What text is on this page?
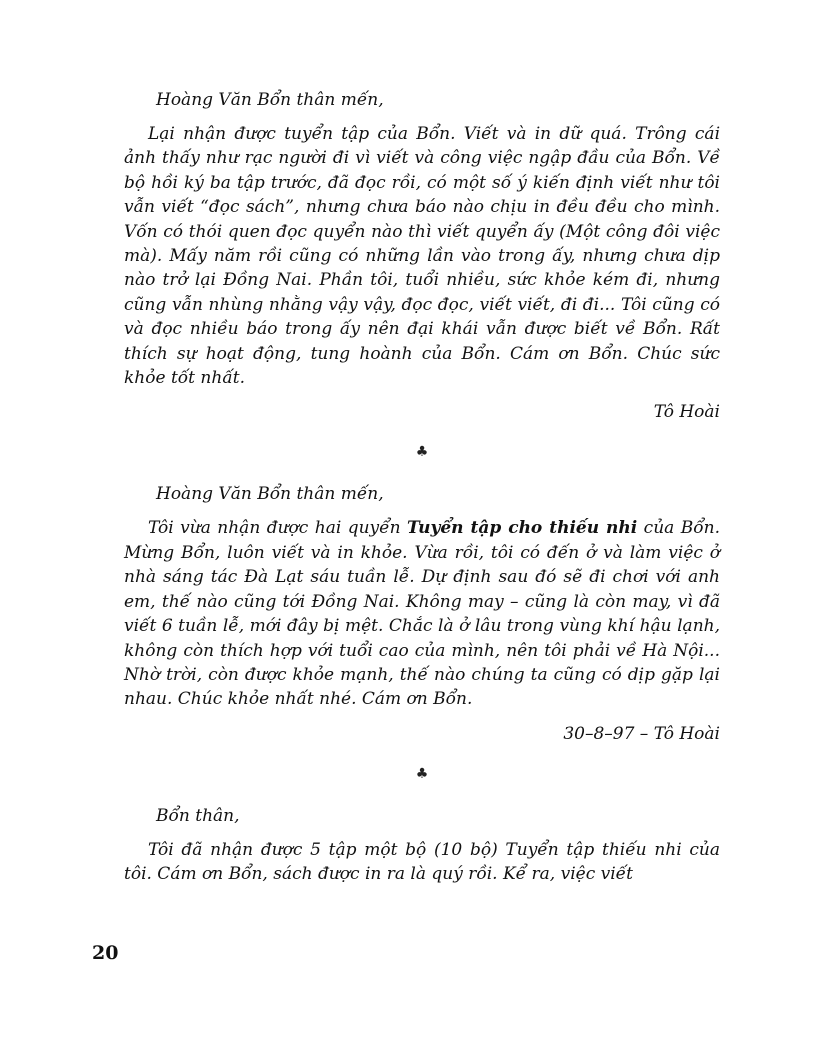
Hoàng Văn Bổn thân mến,

Lại nhận được tuyển tập của Bổn. Viết và in dữ quá. Trông cái ảnh thấy như rạc người đi vì viết và công việc ngập đầu của Bổn. Về bộ hồi ký ba tập trước, đã đọc rồi, có một số ý kiến định viết như tôi vẫn viết “đọc sách”, nhưng chưa báo nào chịu in đều đều cho mình. Vốn có thói quen đọc quyển nào thì viết quyển ấy (Một công đôi việc mà). Mấy năm rồi cũng có những lần vào trong ấy, nhưng chưa dịp nào trở lại Đồng Nai. Phần tôi, tuổi nhiều, sức khỏe kém đi, nhưng cũng vẫn nhùng nhằng vậy vậy, đọc đọc, viết viết, đi đi... Tôi cũng có và đọc nhiều báo trong ấy nên đại khái vẫn được biết về Bổn. Rất thích sự hoạt động, tung hoành của Bổn. Cám ơn Bổn. Chúc sức khỏe tốt nhất.

Tô Hoài

♣

Hoàng Văn Bổn thân mến,

Tôi vừa nhận được hai quyển Tuyển tập cho thiếu nhi của Bổn. Mừng Bổn, luôn viết và in khỏe. Vừa rồi, tôi có đến ở và làm việc ở nhà sáng tác Đà Lạt sáu tuần lễ. Dự định sau đó sẽ đi chơi với anh em, thế nào cũng tới Đồng Nai. Không may – cũng là còn may, vì đã viết 6 tuần lễ, mới đây bị mệt. Chắc là ở lâu trong vùng khí hậu lạnh, không còn thích hợp với tuổi cao của mình, nên tôi phải về Hà Nội... Nhờ trời, còn được khỏe mạnh, thế nào chúng ta cũng có dịp gặp lại nhau. Chúc khỏe nhất nhé. Cám ơn Bổn.

30–8–97 – Tô Hoài

♣

Bổn thân,

Tôi đã nhận được 5 tập một bộ (10 bộ) Tuyển tập thiếu nhi của tôi. Cám ơn Bổn, sách được in ra là quý rồi. Kể ra, việc viết

20
